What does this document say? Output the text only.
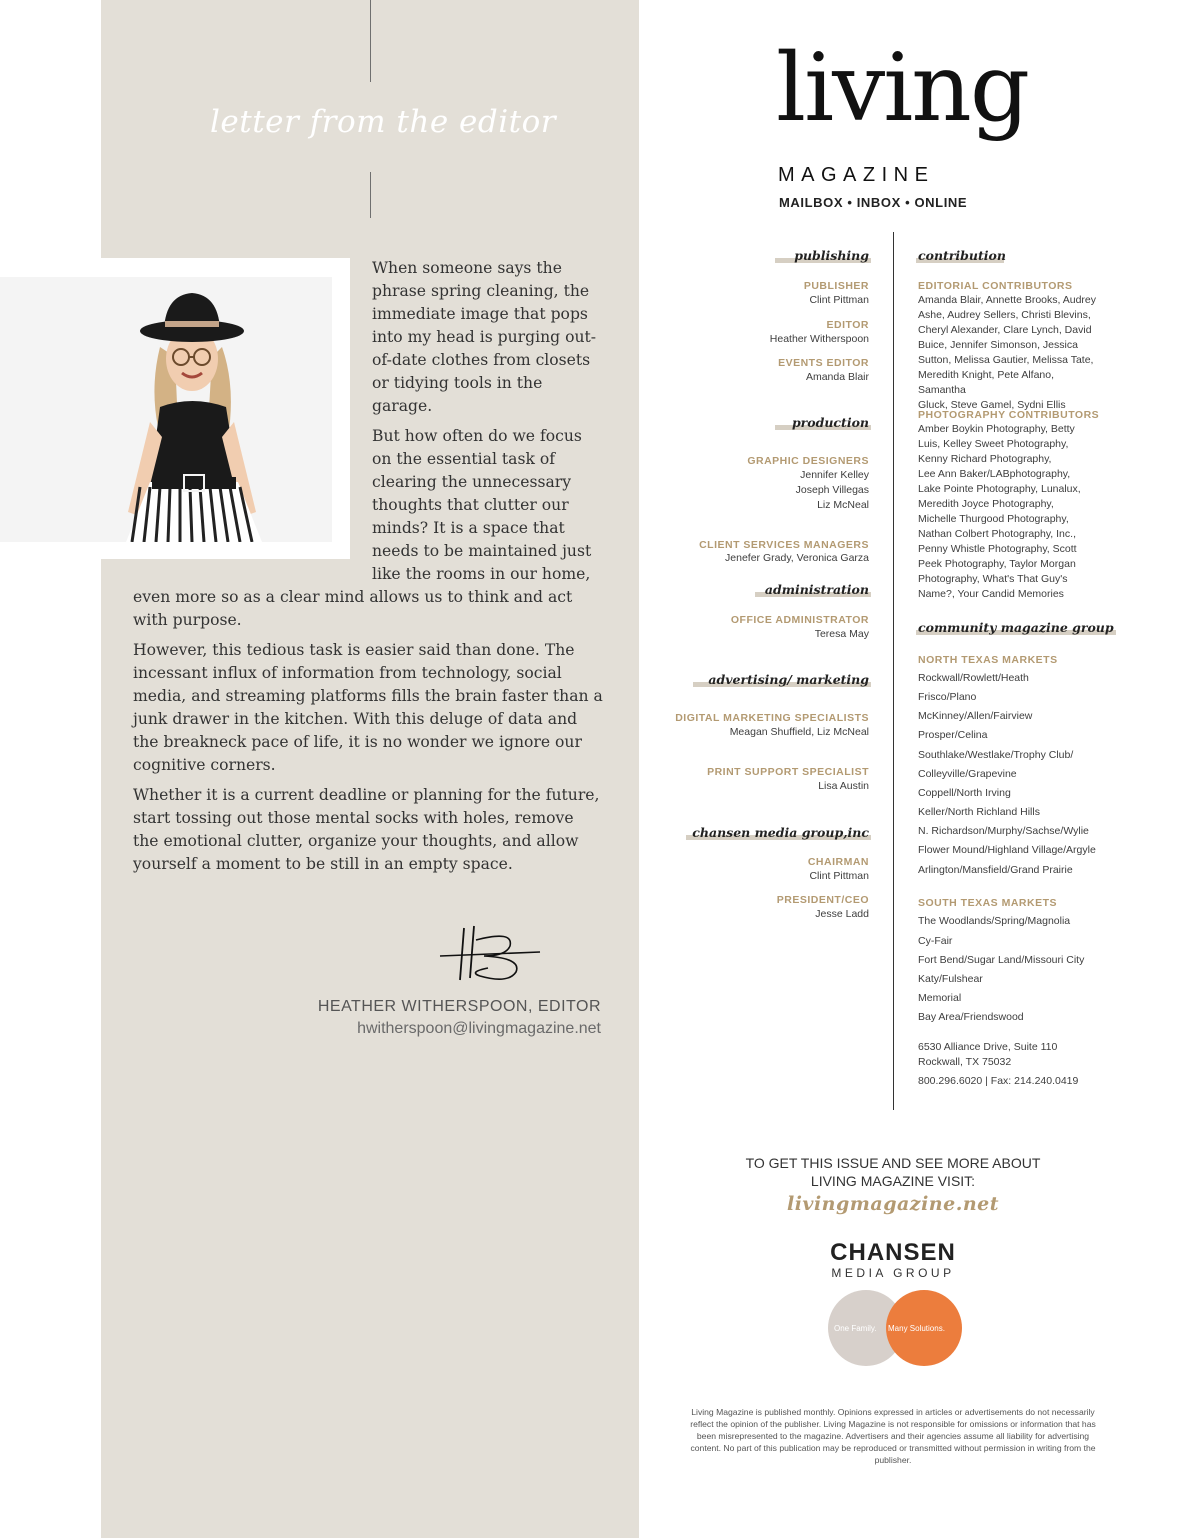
letter from the editor

When someone says the phrase spring cleaning, the immediate image that pops into my head is purging out-of-date clothes from closets or tidying tools in the garage.

But how often do we focus on the essential task of clearing the unnecessary thoughts that clutter our minds? It is a space that needs to be maintained just like the rooms in our home, even more so as a clear mind allows us to think and act with purpose.

However, this tedious task is easier said than done. The incessant influx of information from technology, social media, and streaming platforms fills the brain faster than a junk drawer in the kitchen. With this deluge of data and the breakneck pace of life, it is no wonder we ignore our cognitive corners.

Whether it is a current deadline or planning for the future, start tossing out those mental socks with holes, remove the emotional clutter, organize your thoughts, and allow yourself a moment to be still in an empty space.

HEATHER WITHERSPOON, EDITOR
hwitherspoon@livingmagazine.net
living
MAGAZINE
MAILBOX • INBOX • ONLINE
publishing
PUBLISHER
Clint Pittman
EDITOR
Heather Witherspoon
EVENTS EDITOR
Amanda Blair
production
GRAPHIC DESIGNERS
Jennifer Kelley
Joseph Villegas
Liz McNeal
CLIENT SERVICES MANAGERS
Jenefer Grady, Veronica Garza
administration
OFFICE ADMINISTRATOR
Teresa May
advertising/ marketing
DIGITAL MARKETING SPECIALISTS
Meagan Shuffield, Liz McNeal
PRINT SUPPORT SPECIALIST
Lisa Austin
chansen media group,inc
CHAIRMAN
Clint Pittman
PRESIDENT/CEO
Jesse Ladd
contribution
EDITORIAL CONTRIBUTORS
Amanda Blair, Annette Brooks, Audrey
Ashe, Audrey Sellers, Christi Blevins,
Cheryl Alexander, Clare Lynch, David
Buice, Jennifer Simonson, Jessica
Sutton, Melissa Gautier, Melissa Tate,
Meredith Knight, Pete Alfano, Samantha
Gluck, Steve Gamel, Sydni Ellis
PHOTOGRAPHY CONTRIBUTORS
Amber Boykin Photography, Betty
Luis, Kelley Sweet Photography,
Kenny Richard Photography,
Lee Ann Baker/LABphotography,
Lake Pointe Photography, Lunalux,
Meredith Joyce Photography,
Michelle Thurgood Photography,
Nathan Colbert Photography, Inc.,
Penny Whistle Photography, Scott
Peek Photography, Taylor Morgan
Photography, What's That Guy's
Name?, Your Candid Memories
community magazine group
NORTH TEXAS MARKETS
Rockwall/Rowlett/Heath
Frisco/Plano
McKinney/Allen/Fairview
Prosper/Celina
Southlake/Westlake/Trophy Club/
Colleyville/Grapevine
Coppell/North Irving
Keller/North Richland Hills
N. Richardson/Murphy/Sachse/Wylie
Flower Mound/Highland Village/Argyle
Arlington/Mansfield/Grand Prairie
SOUTH TEXAS MARKETS
The Woodlands/Spring/Magnolia
Cy-Fair
Fort Bend/Sugar Land/Missouri City
Katy/Fulshear
Memorial
Bay Area/Friendswood
6530 Alliance Drive, Suite 110
Rockwall, TX 75032
800.296.6020 | Fax: 214.240.0419
TO GET THIS ISSUE AND SEE MORE ABOUT
LIVING MAGAZINE VISIT:
livingmagazine.net
CHANSEN
MEDIA GROUP
One Family. Many Solutions.
Living Magazine is published monthly. Opinions expressed in articles or advertisements do not necessarily reflect the opinion of the publisher. Living Magazine is not responsible for omissions or information that has been misrepresented to the magazine. Advertisers and their agencies assume all liability for advertising content. No part of this publication may be reproduced or transmitted without permission in writing from the publisher.
